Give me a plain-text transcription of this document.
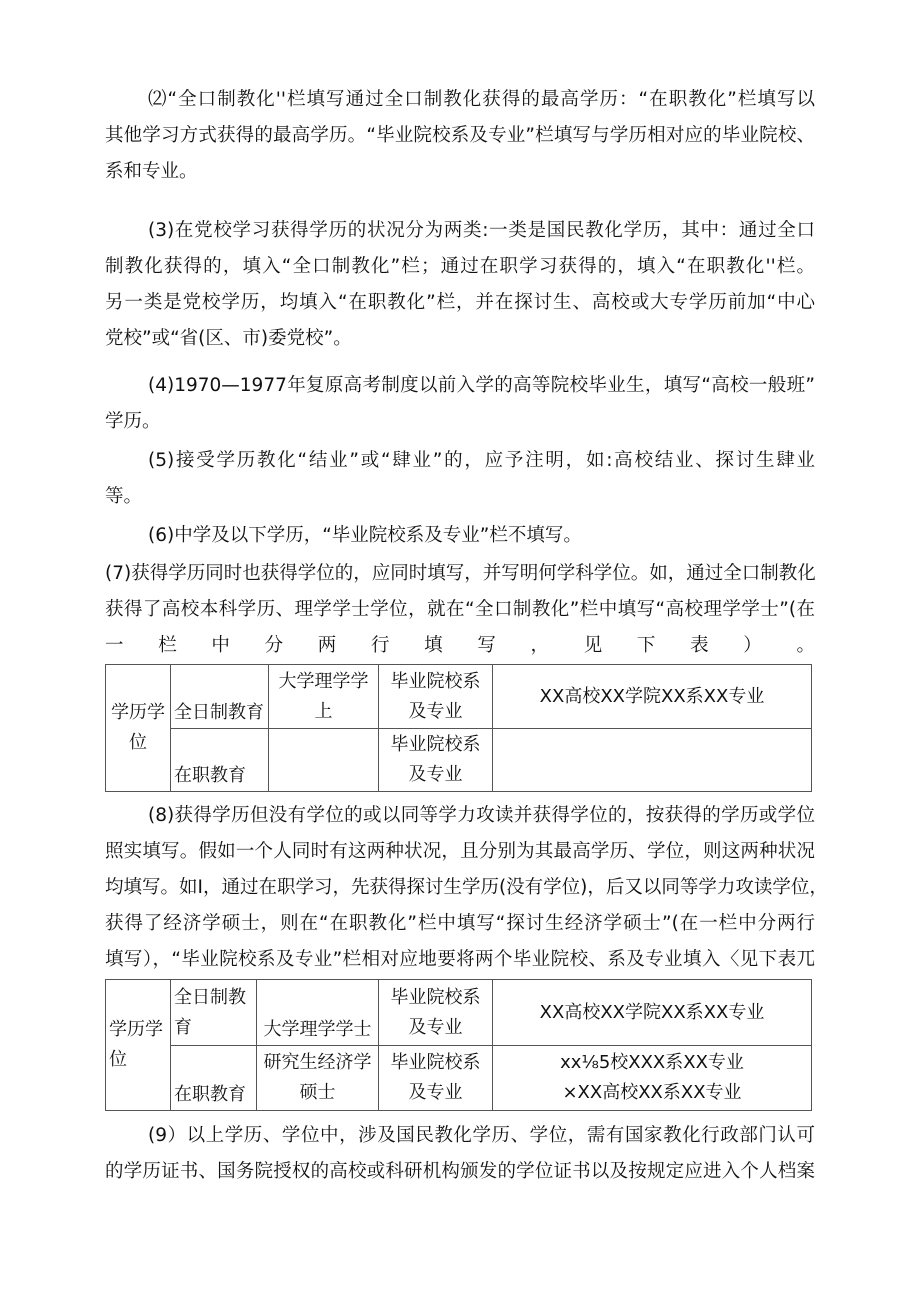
⑵“全口制教化''栏填写通过全口制教化获得的最高学历：“在职教化”栏填写以
其他学习方式获得的最高学历。“毕业院校系及专业”栏填写与学历相对应的毕业院校、
系和专业。
(3)在党校学习获得学历的状况分为两类:一类是国民教化学历，其中：通过全口
制教化获得的，填入“全口制教化”栏；通过在职学习获得的，填入“在职教化''栏。
另一类是党校学历，均填入“在职教化”栏，并在探讨生、高校或大专学历前加“中心
党校”或“省(区、市)委党校”。
(4)1970—1977年复原高考制度以前入学的高等院校毕业生，填写“高校一般班”
学历。
(5)接受学历教化“结业”或“肆业”的，应予注明，如:高校结业、探讨生肆业
等。
(6)中学及以下学历，“毕业院校系及专业”栏不填写。
(7)获得学历同时也获得学位的，应同时填写，并写明何学科学位。如，通过全口制教化
获得了高校本科学历、理学学士学位，就在“全口制教化”栏中填写“高校理学学士”(在
一 栏 中 分 两 行 填 写 ， 见 下 表 ） 。
学历学位	全日制教育	大学理学学上	毕业院校系及专业	XX高校XX学院XX系XX专业
	在职教育		毕业院校系及专业	
(8)获得学历但没有学位的或以同等学力攻读并获得学位的，按获得的学历或学位
照实填写。假如一个人同时有这两种状况，且分别为其最高学历、学位，则这两种状况
均填写。如I，通过在职学习，先获得探讨生学历(没有学位)，后又以同等学力攻读学位，
获得了经济学硕士，则在“在职教化”栏中填写“探讨生经济学硕士”(在一栏中分两行
填写），“毕业院校系及专业”栏相对应地要将两个毕业院校、系及专业填入〈见下表兀
学历学位	全日制教育	大学理学学士	毕业院校系及专业	XX高校XX学院XX系XX专业
	在职教育	研究生经济学硕士	毕业院校系及专业	xx⅛5校XXX系XX专业
×XX高校XX系XX专业
(9）以上学历、学位中，涉及国民教化学历、学位，需有国家教化行政部门认可
的学历证书、国务院授权的高校或科研机构颁发的学位证书以及按规定应进入个人档案
